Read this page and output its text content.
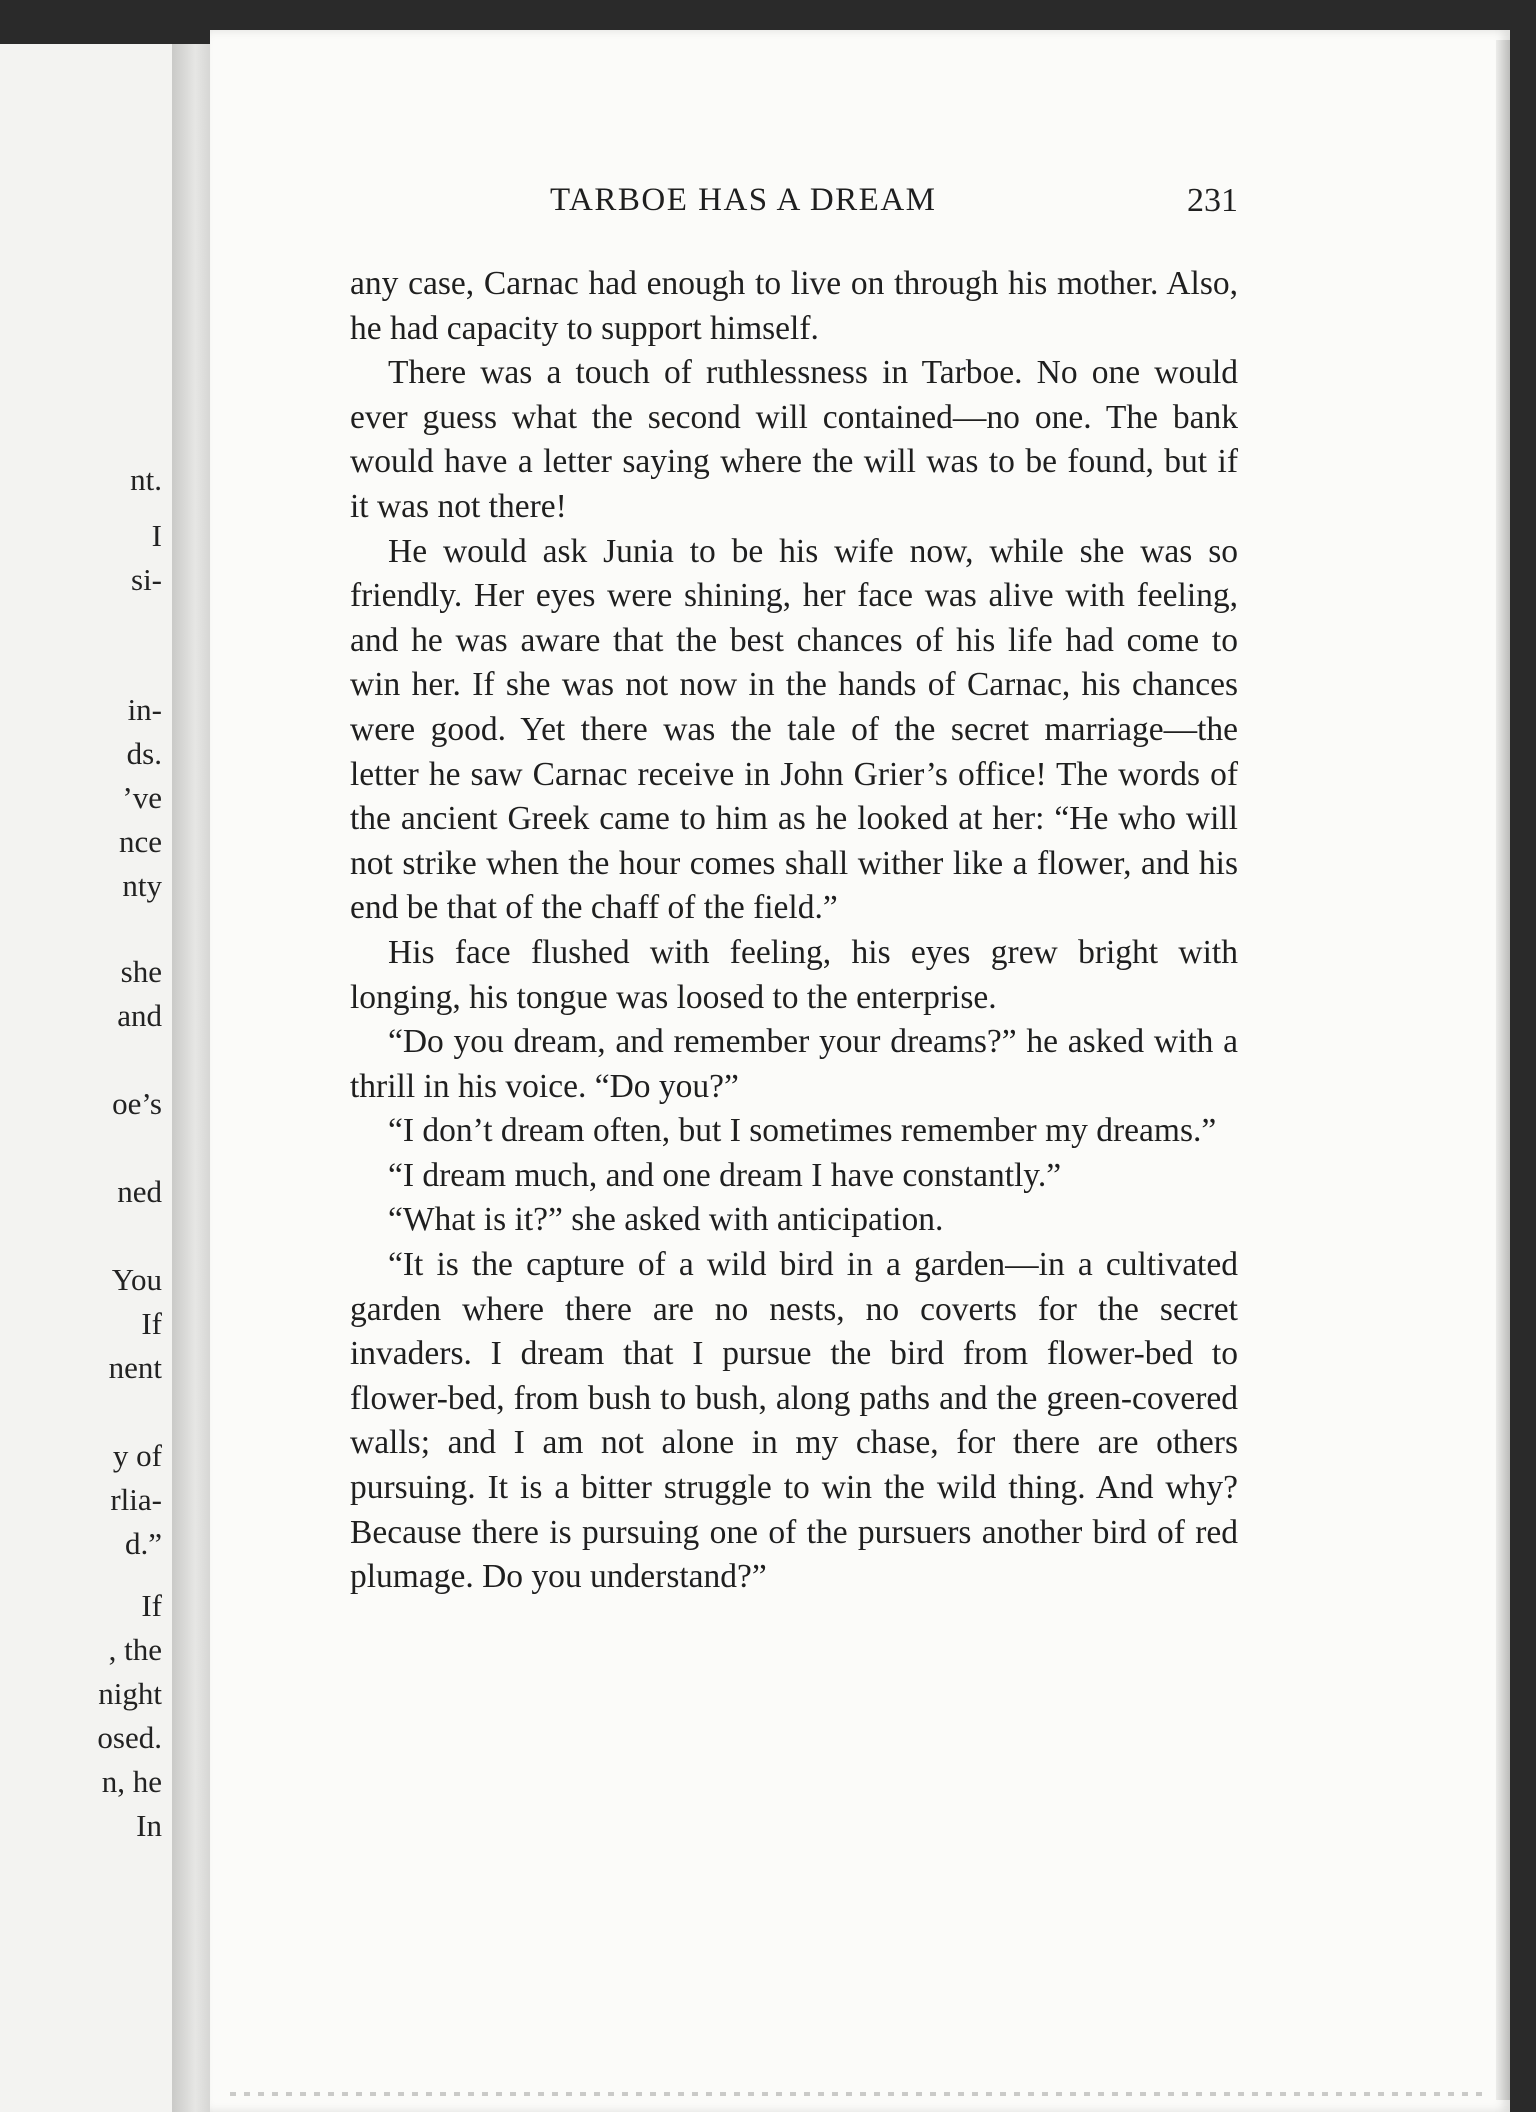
nt.
I
si-
in-
ds.
’ve
nce
nty
she
and
oe’s
ned
You
If
nent
y of
rlia-
d.”
If
, the
night
osed.
n, he
In
TARBOE HAS A DREAM	231

any case, Carnac had enough to live on through his mother. Also, he had capacity to support himself.

There was a touch of ruthlessness in Tarboe. No one would ever guess what the second will contained—no one. The bank would have a letter saying where the will was to be found, but if it was not there!

He would ask Junia to be his wife now, while she was so friendly. Her eyes were shining, her face was alive with feeling, and he was aware that the best chances of his life had come to win her. If she was not now in the hands of Carnac, his chances were good. Yet there was the tale of the secret marriage—the letter he saw Carnac receive in John Grier’s office! The words of the ancient Greek came to him as he looked at her: “He who will not strike when the hour comes shall wither like a flower, and his end be that of the chaff of the field.”

His face flushed with feeling, his eyes grew bright with longing, his tongue was loosed to the enterprise.

“Do you dream, and remember your dreams?” he asked with a thrill in his voice. “Do you?”

“I don’t dream often, but I sometimes remember my dreams.”

“I dream much, and one dream I have constantly.”

“What is it?” she asked with anticipation.

“It is the capture of a wild bird in a garden—in a cultivated garden where there are no nests, no coverts for the secret invaders. I dream that I pursue the bird from flower-bed to flower-bed, from bush to bush, along paths and the green-covered walls; and I am not alone in my chase, for there are others pursuing. It is a bitter struggle to win the wild thing. And why? Because there is pursuing one of the pursuers another bird of red plumage. Do you understand?”
